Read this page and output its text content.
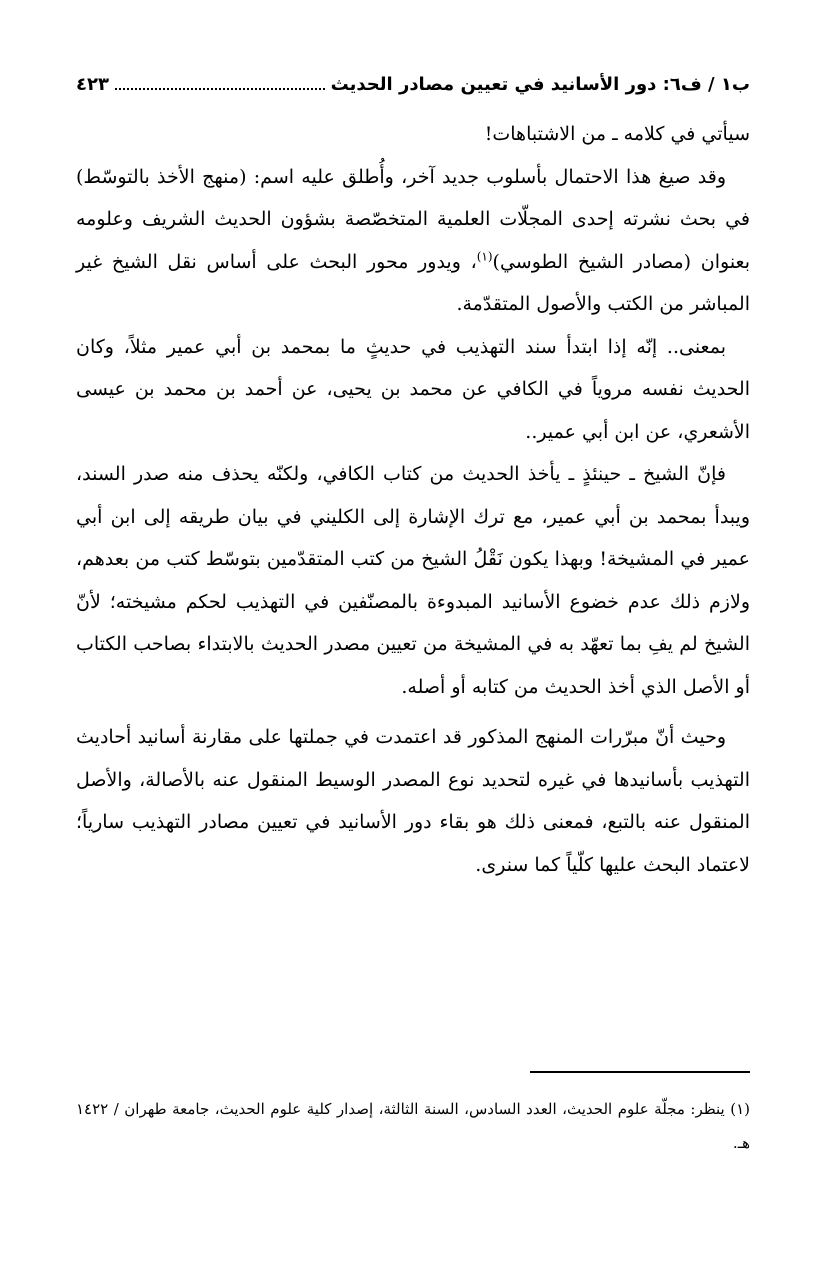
ب١ / ف٦: دور الأسانيد في تعيين مصادر الحديث
٤٢٣

سيأتي في كلامه ـ من الاشتباهات!

وقد صيغ هذا الاحتمال بأسلوب جديد آخر، وأُطلق عليه اسم: (منهج الأخذ بالتوسّط) في بحث نشرته إحدى المجلّات العلمية المتخصّصة بشؤون الحديث الشريف وعلومه بعنوان (مصادر الشيخ الطوسي)$^{(١)}$، ويدور محور البحث على أساس نقل الشيخ غير المباشر من الكتب والأصول المتقدّمة.

بمعنى.. إنّه إذا ابتدأ سند التهذيب في حديثٍ ما بمحمد بن أبي عمير مثلاً، وكان الحديث نفسه مروياً في الكافي عن محمد بن يحيى، عن أحمد بن محمد بن عيسى الأشعري، عن ابن أبي عمير..

فإنّ الشيخ ـ حينئذٍ ـ يأخذ الحديث من كتاب الكافي، ولكنّه يحذف منه صدر السند، ويبدأ بمحمد بن أبي عمير، مع ترك الإشارة إلى الكليني في بيان طريقه إلى ابن أبي عمير في المشيخة! وبهذا يكون نَقْلُ الشيخ من كتب المتقدّمين بتوسّط كتب من بعدهم، ولازم ذلك عدم خضوع الأسانيد المبدوءة بالمصنّفين في التهذيب لحكم مشيخته؛ لأنّ الشيخ لم يفِ بما تعهّد به في المشيخة من تعيين مصدر الحديث بالابتداء بصاحب الكتاب أو الأصل الذي أخذ الحديث من كتابه أو أصله.

وحيث أنّ مبرّرات المنهج المذكور قد اعتمدت في جملتها على مقارنة أسانيد أحاديث التهذيب بأسانيدها في غيره لتحديد نوع المصدر الوسيط المنقول عنه بالأصالة، والأصل المنقول عنه بالتبع، فمعنى ذلك هو بقاء دور الأسانيد في تعيين مصادر التهذيب سارياً؛ لاعتماد البحث عليها كلّياً كما سنرى.

(١) ينظر: مجلّة علوم الحديث، العدد السادس، السنة الثالثة، إصدار كلية علوم الحديث، جامعة طهران / ١٤٢٢ هـ.
